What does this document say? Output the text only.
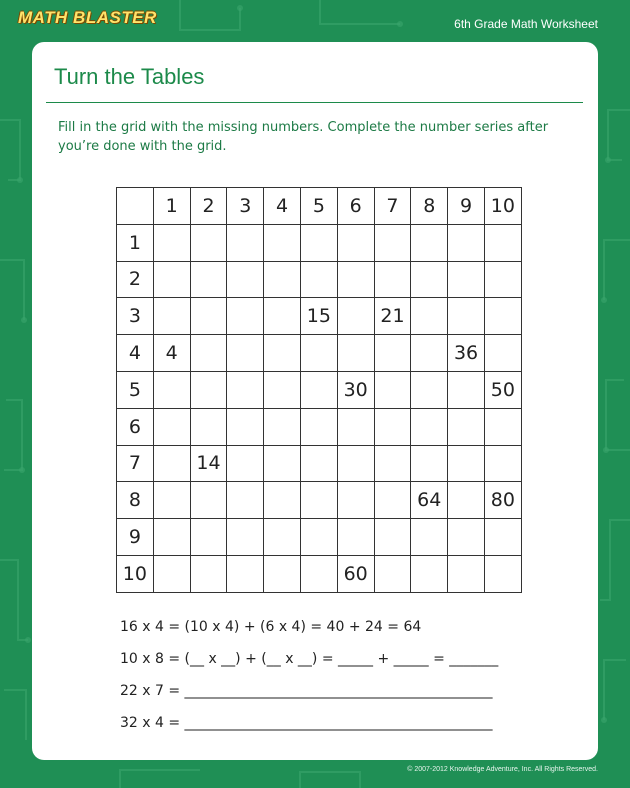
MATH BLASTER	6th Grade Math Worksheet
Turn the Tables
Fill in the grid with the missing numbers. Complete the number series after you’re done with the grid.
	1	2	3	4	5	6	7	8	9	10
1										
2										
3					15		21			
4	4								36	
5						30				50
6										
7		14								
8								64		80
9										
10						60				
16 x 4 = (10 x 4) + (6 x 4) = 40 + 24 = 64
10 x 8 = (__ x __) + (__ x __) = _____ + _____ = _______
22 x 7 = ____________________________________________
32 x 4 = ____________________________________________
© 2007-2012 Knowledge Adventure, Inc. All Rights Reserved.
